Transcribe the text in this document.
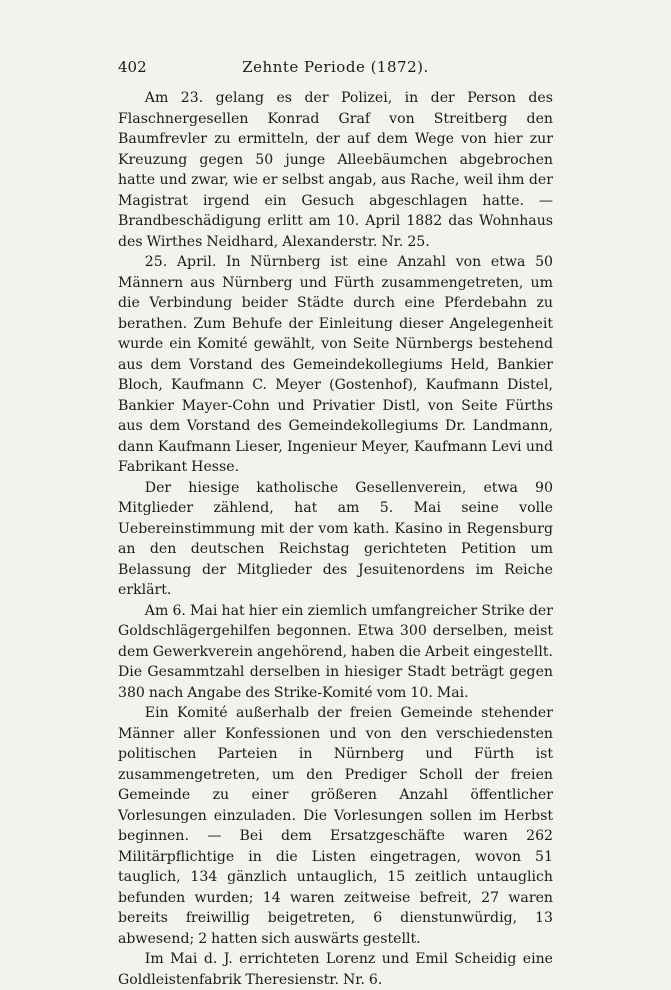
402	Zehnte Periode (1872).

Am 23. gelang es der Polizei, in der Person des Flaschnergesellen Konrad Graf von Streitberg den Baumfrevler zu ermitteln, der auf dem Wege von hier zur Kreuzung gegen 50 junge Alleebäumchen abgebrochen hatte und zwar, wie er selbst angab, aus Rache, weil ihm der Magistrat irgend ein Gesuch abgeschlagen hatte. — Brandbeschädigung erlitt am 10. April 1882 das Wohnhaus des Wirthes Neidhard, Alexanderstr. Nr. 25.

25. April. In Nürnberg ist eine Anzahl von etwa 50 Männern aus Nürnberg und Fürth zusammengetreten, um die Verbindung beider Städte durch eine Pferdebahn zu berathen. Zum Behufe der Einleitung dieser Angelegenheit wurde ein Komité gewählt, von Seite Nürnbergs bestehend aus dem Vorstand des Gemeindekollegiums Held, Bankier Bloch, Kaufmann C. Meyer (Gostenhof), Kaufmann Distel, Bankier Mayer-Cohn und Privatier Distl, von Seite Fürths aus dem Vorstand des Gemeindekollegiums Dr. Landmann, dann Kaufmann Lieser, Ingenieur Meyer, Kaufmann Levi und Fabrikant Hesse.

Der hiesige katholische Gesellenverein, etwa 90 Mitglieder zählend, hat am 5. Mai seine volle Uebereinstimmung mit der vom kath. Kasino in Regensburg an den deutschen Reichstag gerichteten Petition um Belassung der Mitglieder des Jesuitenordens im Reiche erklärt.

Am 6. Mai hat hier ein ziemlich umfangreicher Strike der Goldschlägergehilfen begonnen. Etwa 300 derselben, meist dem Gewerkverein angehörend, haben die Arbeit eingestellt. Die Gesammtzahl derselben in hiesiger Stadt beträgt gegen 380 nach Angabe des Strike-Komité vom 10. Mai.

Ein Komité außerhalb der freien Gemeinde stehender Männer aller Konfessionen und von den verschiedensten politischen Parteien in Nürnberg und Fürth ist zusammengetreten, um den Prediger Scholl der freien Gemeinde zu einer größeren Anzahl öffentlicher Vorlesungen einzuladen. Die Vorlesungen sollen im Herbst beginnen. — Bei dem Ersatzgeschäfte waren 262 Militärpflichtige in die Listen eingetragen, wovon 51 tauglich, 134 gänzlich untauglich, 15 zeitlich untauglich befunden wurden; 14 waren zeitweise befreit, 27 waren bereits freiwillig beigetreten, 6 dienstunwürdig, 13 abwesend; 2 hatten sich auswärts gestellt.

Im Mai d. J. errichteten Lorenz und Emil Scheidig eine Goldleistenfabrik Theresienstr. Nr. 6.
